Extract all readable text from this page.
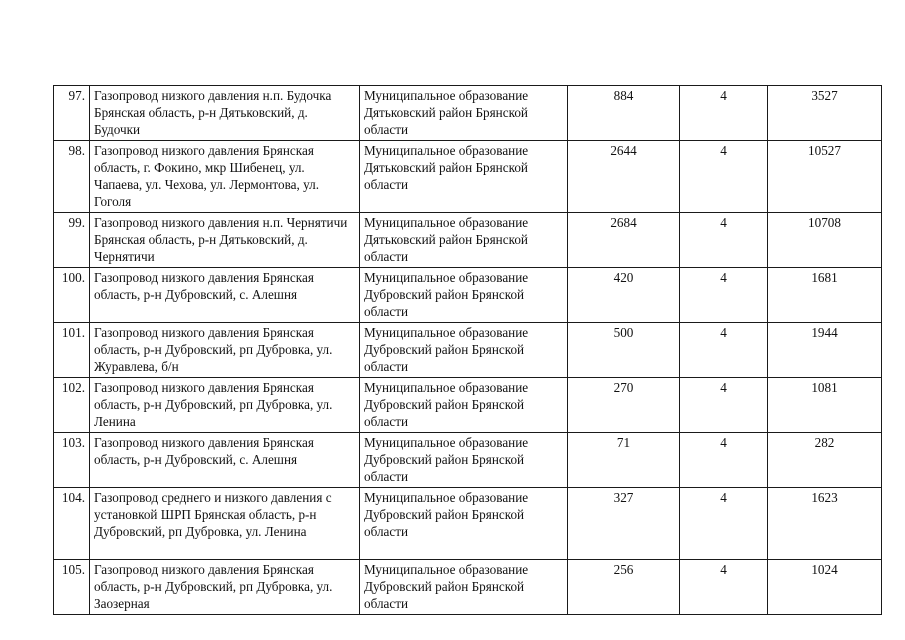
97.	Газопровод низкого давления н.п. Будочка Брянская область, р-н Дятьковский, д. Будочки	Муниципальное образование Дятьковский район Брянской области	884	4	3527
98.	Газопровод низкого давления Брянская область, г. Фокино, мкр Шибенец, ул. Чапаева, ул. Чехова, ул. Лермонтова, ул. Гоголя	Муниципальное образование Дятьковский район Брянской области	2644	4	10527
99.	Газопровод низкого давления н.п. Чернятичи Брянская область, р-н Дятьковский, д. Чернятичи	Муниципальное образование Дятьковский район Брянской области	2684	4	10708
100.	Газопровод низкого давления Брянская область, р-н Дубровский, с. Алешня	Муниципальное образование Дубровский район Брянской области	420	4	1681
101.	Газопровод низкого давления Брянская область, р-н Дубровский, рп Дубровка, ул. Журавлева, б/н	Муниципальное образование Дубровский район Брянской области	500	4	1944
102.	Газопровод низкого давления Брянская область, р-н Дубровский, рп Дубровка, ул. Ленина	Муниципальное образование Дубровский район Брянской области	270	4	1081
103.	Газопровод низкого давления Брянская область, р-н Дубровский, с. Алешня	Муниципальное образование Дубровский район Брянской области	71	4	282
104.	Газопровод среднего и низкого давления с установкой ШРП Брянская область, р-н Дубровский, рп Дубровка, ул. Ленина	Муниципальное образование Дубровский район Брянской области	327	4	1623
105.	Газопровод низкого давления Брянская область, р-н Дубровский, рп Дубровка, ул. Заозерная	Муниципальное образование Дубровский район Брянской области	256	4	1024
